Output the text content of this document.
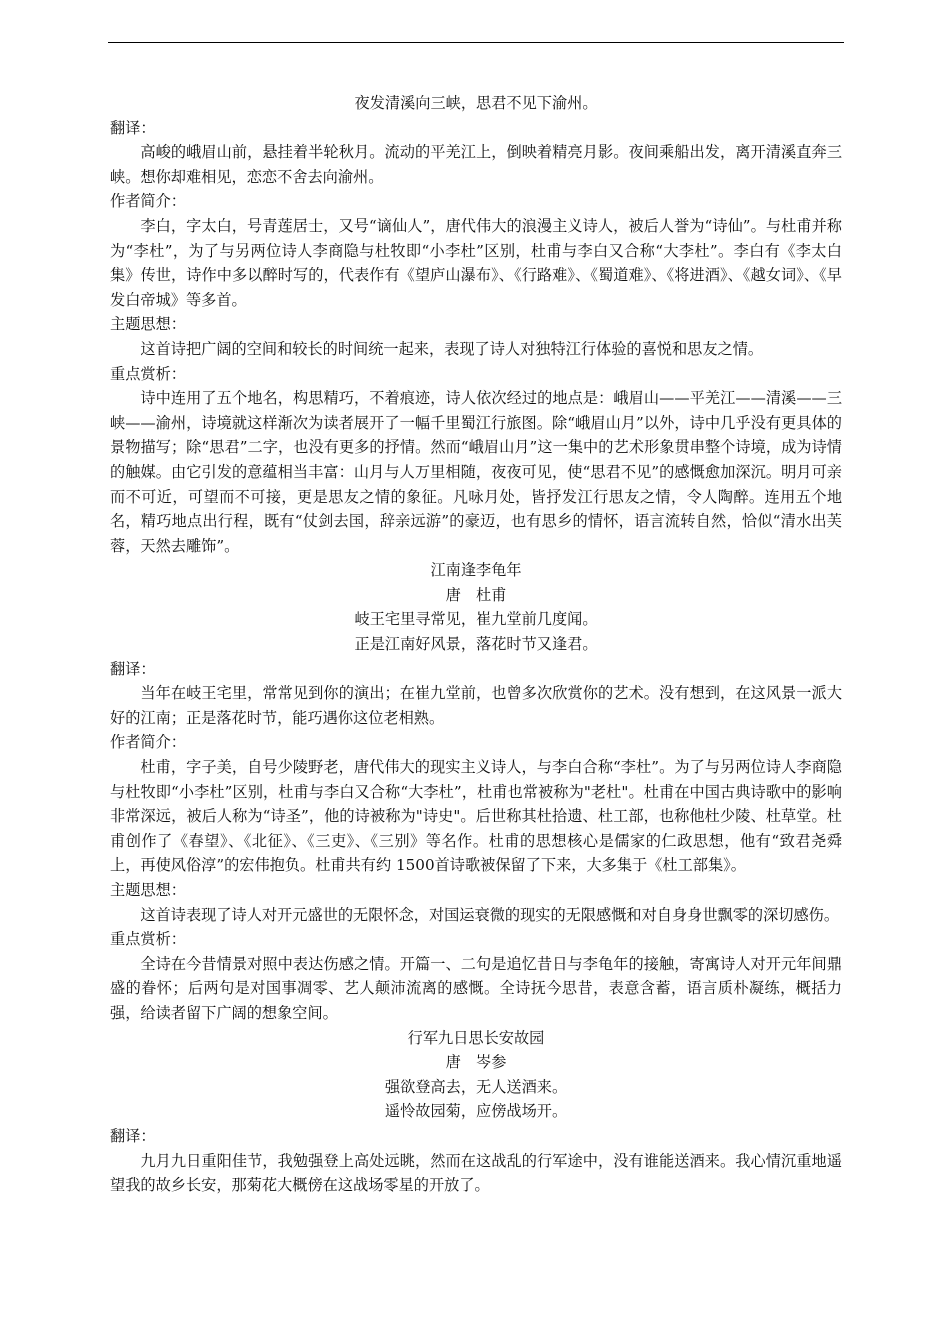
夜发清溪向三峡，思君不见下渝州。

翻译：

高峻的峨眉山前，悬挂着半轮秋月。流动的平羌江上，倒映着精亮月影。夜间乘船出发，离开清溪直奔三峡。想你却难相见，恋恋不舍去向渝州。

作者简介：

李白，字太白，号青莲居士，又号“谪仙人”，唐代伟大的浪漫主义诗人，被后人誉为“诗仙”。与杜甫并称为“李杜”，为了与另两位诗人李商隐与杜牧即“小李杜”区别，杜甫与李白又合称“大李杜”。李白有《李太白集》传世，诗作中多以醉时写的，代表作有《望庐山瀑布》、《行路难》、《蜀道难》、《将进酒》、《越女词》、《早发白帝城》等多首。

主题思想：

这首诗把广阔的空间和较长的时间统一起来，表现了诗人对独特江行体验的喜悦和思友之情。

重点赏析：

诗中连用了五个地名，构思精巧，不着痕迹，诗人依次经过的地点是：峨眉山——平羌江——清溪——三峡——渝州，诗境就这样渐次为读者展开了一幅千里蜀江行旅图。除“峨眉山月”以外，诗中几乎没有更具体的景物描写；除“思君”二字，也没有更多的抒情。然而“峨眉山月”这一集中的艺术形象贯串整个诗境，成为诗情的触媒。由它引发的意蕴相当丰富：山月与人万里相随，夜夜可见，使“思君不见”的感慨愈加深沉。明月可亲而不可近，可望而不可接，更是思友之情的象征。凡咏月处，皆抒发江行思友之情，令人陶醉。连用五个地名，精巧地点出行程，既有“仗剑去国，辞亲远游”的豪迈，也有思乡的情怀，语言流转自然，恰似“清水出芙蓉，天然去雕饰”。

江南逢李龟年

唐　杜甫

岐王宅里寻常见，崔九堂前几度闻。

正是江南好风景，落花时节又逢君。

翻译：

当年在岐王宅里，常常见到你的演出；在崔九堂前，也曾多次欣赏你的艺术。没有想到，在这风景一派大好的江南；正是落花时节，能巧遇你这位老相熟。

作者简介：

杜甫，字子美，自号少陵野老，唐代伟大的现实主义诗人，与李白合称“李杜”。为了与另两位诗人李商隐与杜牧即“小李杜”区别，杜甫与李白又合称“大李杜”，杜甫也常被称为"老杜"。杜甫在中国古典诗歌中的影响非常深远，被后人称为“诗圣”，他的诗被称为"诗史"。后世称其杜拾遗、杜工部，也称他杜少陵、杜草堂。杜甫创作了《春望》、《北征》、《三吏》、《三别》等名作。杜甫的思想核心是儒家的仁政思想，他有“致君尧舜上，再使风俗淳”的宏伟抱负。杜甫共有约 1500首诗歌被保留了下来，大多集于《杜工部集》。

主题思想：

这首诗表现了诗人对开元盛世的无限怀念，对国运衰微的现实的无限感慨和对自身身世飘零的深切感伤。

重点赏析：

全诗在今昔情景对照中表达伤感之情。开篇一、二句是追忆昔日与李龟年的接触，寄寓诗人对开元年间鼎盛的眷怀；后两句是对国事凋零、艺人颠沛流离的感慨。全诗抚今思昔，表意含蓄，语言质朴凝练，概括力强，给读者留下广阔的想象空间。

行军九日思长安故园

唐　岑参

强欲登高去，无人送酒来。

遥怜故园菊，应傍战场开。

翻译：

九月九日重阳佳节，我勉强登上高处远眺，然而在这战乱的行军途中，没有谁能送酒来。我心情沉重地遥望我的故乡长安，那菊花大概傍在这战场零星的开放了。
